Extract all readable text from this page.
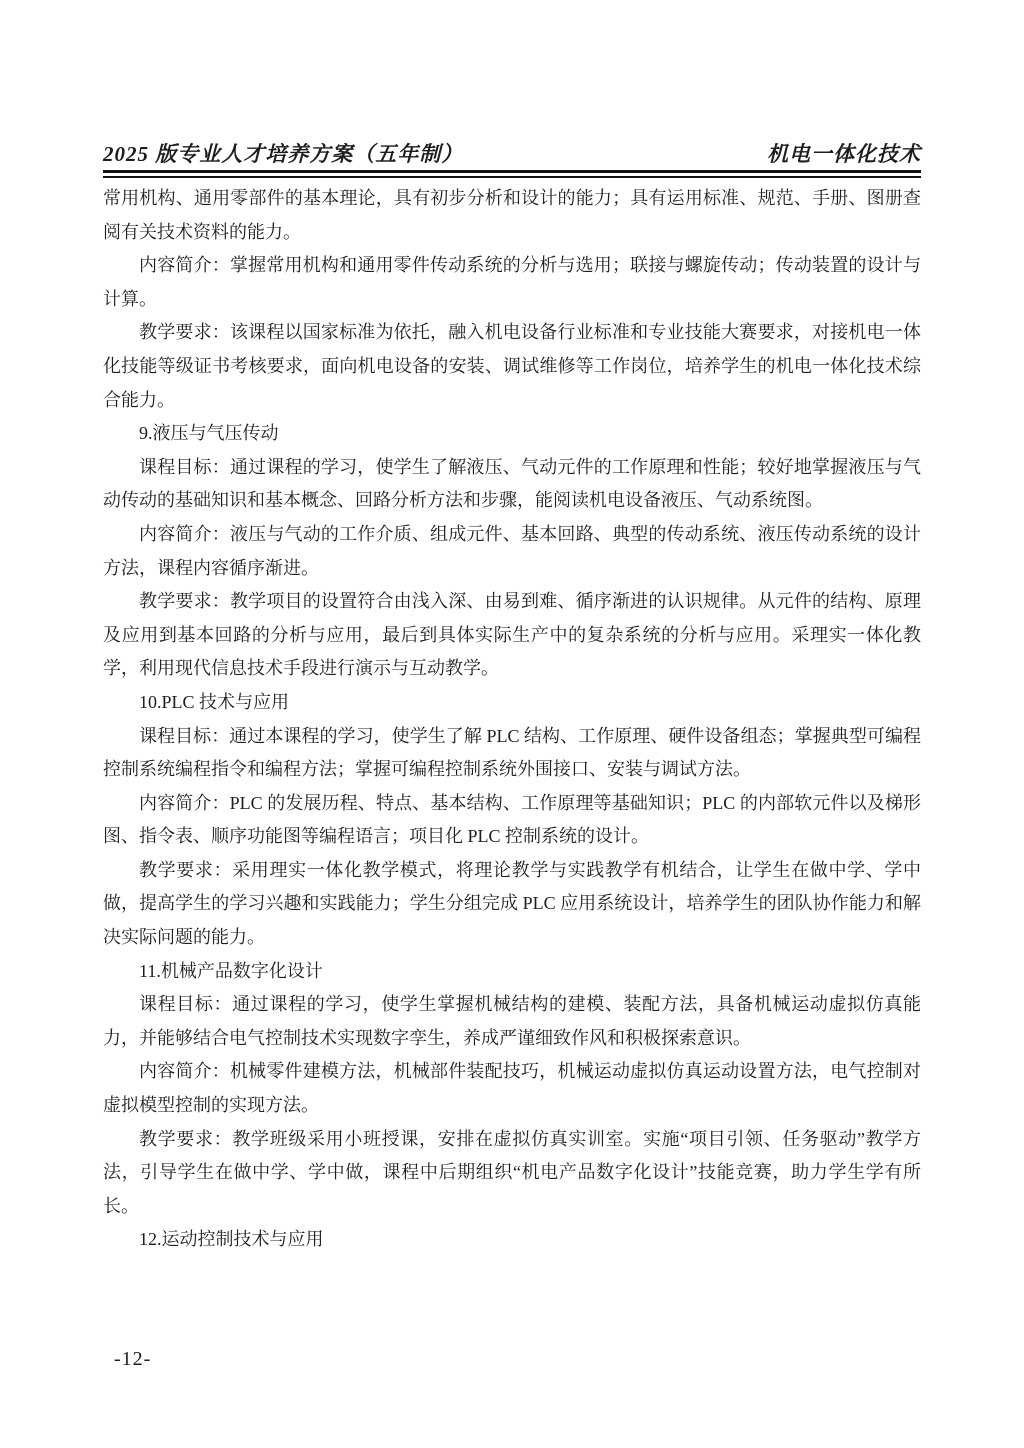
2025 版专业人才培养方案（五年制）	机电一体化技术

常用机构、通用零部件的基本理论，具有初步分析和设计的能力；具有运用标准、规范、手册、图册查阅有关技术资料的能力。

内容简介：掌握常用机构和通用零件传动系统的分析与选用；联接与螺旋传动；传动装置的设计与计算。

教学要求：该课程以国家标准为依托，融入机电设备行业标准和专业技能大赛要求，对接机电一体化技能等级证书考核要求，面向机电设备的安装、调试维修等工作岗位，培养学生的机电一体化技术综合能力。

9.液压与气压传动

课程目标：通过课程的学习，使学生了解液压、气动元件的工作原理和性能；较好地掌握液压与气动传动的基础知识和基本概念、回路分析方法和步骤，能阅读机电设备液压、气动系统图。

内容简介：液压与气动的工作介质、组成元件、基本回路、典型的传动系统、液压传动系统的设计方法，课程内容循序渐进。

教学要求：教学项目的设置符合由浅入深、由易到难、循序渐进的认识规律。从元件的结构、原理及应用到基本回路的分析与应用，最后到具体实际生产中的复杂系统的分析与应用。采理实一体化教学，利用现代信息技术手段进行演示与互动教学。

10.PLC 技术与应用

课程目标：通过本课程的学习，使学生了解 PLC 结构、工作原理、硬件设备组态；掌握典型可编程控制系统编程指令和编程方法；掌握可编程控制系统外围接口、安装与调试方法。

内容简介：PLC 的发展历程、特点、基本结构、工作原理等基础知识；PLC 的内部软元件以及梯形图、指令表、顺序功能图等编程语言；项目化 PLC 控制系统的设计。

教学要求：采用理实一体化教学模式，将理论教学与实践教学有机结合，让学生在做中学、学中做，提高学生的学习兴趣和实践能力；学生分组完成 PLC 应用系统设计，培养学生的团队协作能力和解决实际问题的能力。

11.机械产品数字化设计

课程目标：通过课程的学习，使学生掌握机械结构的建模、装配方法，具备机械运动虚拟仿真能力，并能够结合电气控制技术实现数字孪生，养成严谨细致作风和积极探索意识。

内容简介：机械零件建模方法，机械部件装配技巧，机械运动虚拟仿真运动设置方法，电气控制对虚拟模型控制的实现方法。

教学要求：教学班级采用小班授课，安排在虚拟仿真实训室。实施“项目引领、任务驱动”教学方法，引导学生在做中学、学中做，课程中后期组织“机电产品数字化设计”技能竞赛，助力学生学有所长。

12.运动控制技术与应用

-12-
